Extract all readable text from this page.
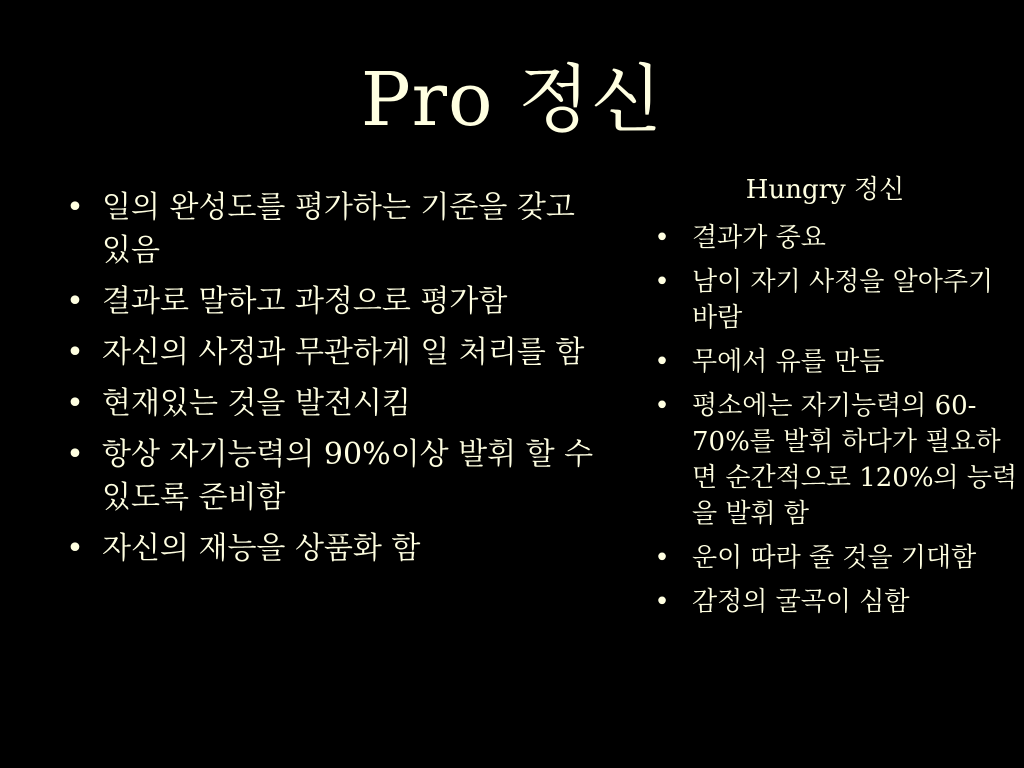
Pro 정신
• 일의 완성도를 평가하는 기준을 갖고있음
• 결과로 말하고 과정으로 평가함
• 자신의 사정과 무관하게 일 처리를 함
• 현재있는 것을 발전시킴
• 항상 자기능력의 90%이상 발휘 할 수 있도록 준비함
• 자신의 재능을 상품화 함
Hungry 정신
• 결과가 중요
• 남이 자기 사정을 알아주기 바람
• 무에서 유를 만듬
• 평소에는 자기능력의 60-70%를 발휘 하다가 필요하면 순간적으로 120%의 능력을 발휘 함
• 운이 따라 줄 것을 기대함
• 감정의 굴곡이 심함
